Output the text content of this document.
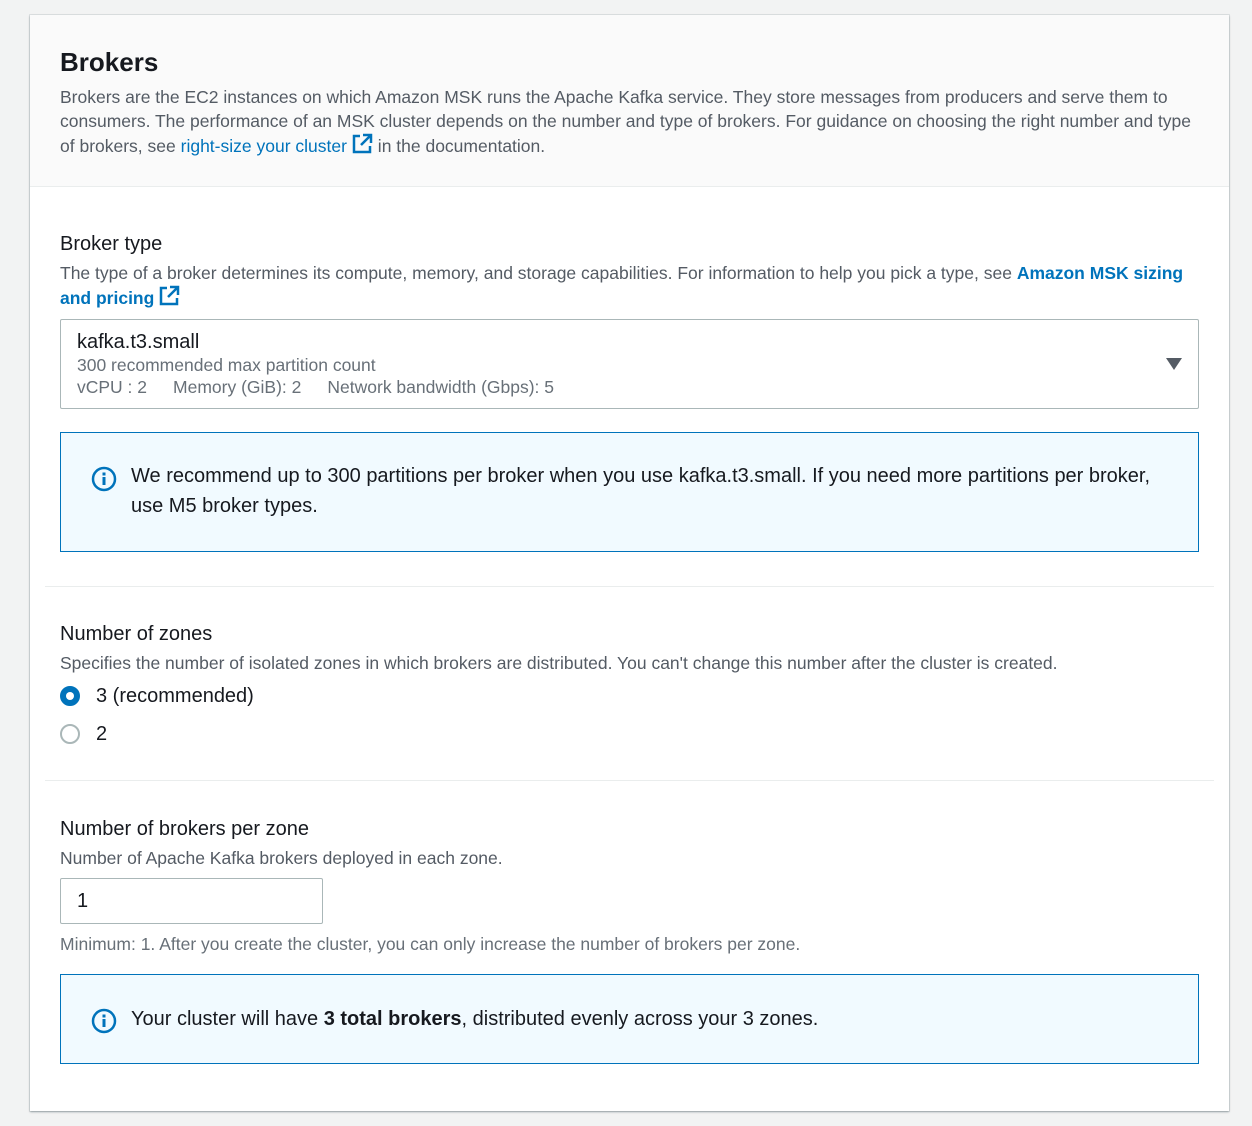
Brokers

Brokers are the EC2 instances on which Amazon MSK runs the Apache Kafka service. They store messages from producers and serve them to consumers. The performance of an MSK cluster depends on the number and type of brokers. For guidance on choosing the right number and type of brokers, see right-size your cluster in the documentation.

Broker type

The type of a broker determines its compute, memory, and storage capabilities. For information to help you pick a type, see Amazon MSK sizing and pricing

kafka.t3.small
300 recommended max partition count
vCPU : 2 Memory (GiB): 2 Network bandwidth (Gbps): 5
We recommend up to 300 partitions per broker when you use kafka.t3.small. If you need more partitions per broker, use M5 broker types.
Number of zones

Specifies the number of isolated zones in which brokers are distributed. You can't change this number after the cluster is created.

3 (recommended)
2
Number of brokers per zone

Number of Apache Kafka brokers deployed in each zone.

1
Minimum: 1. After you create the cluster, you can only increase the number of brokers per zone.
Your cluster will have 3 total brokers, distributed evenly across your 3 zones.
